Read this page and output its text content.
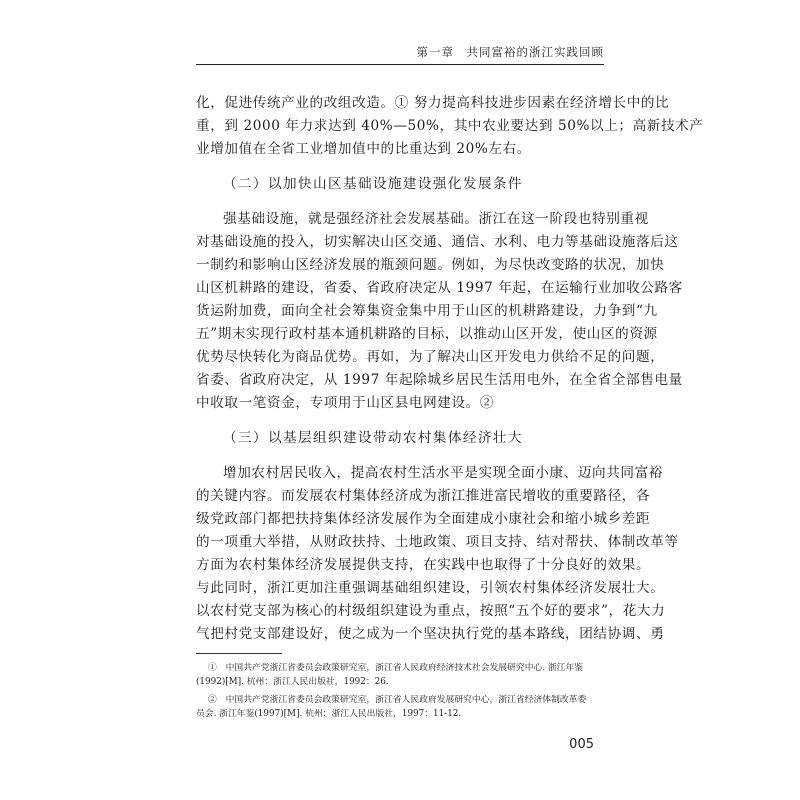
第一章　共同富裕的浙江实践回顾
化，促进传统产业的改组改造。① 努力提高科技进步因素在经济增长中的比
重，到 2000 年力求达到 40%—50%，其中农业要达到 50%以上；高新技术产
业增加值在全省工业增加值中的比重达到 20%左右。
（二）以加快山区基础设施建设强化发展条件
强基础设施，就是强经济社会发展基础。浙江在这一阶段也特别重视
对基础设施的投入，切实解决山区交通、通信、水利、电力等基础设施落后这
一制约和影响山区经济发展的瓶颈问题。例如，为尽快改变路的状况，加快
山区机耕路的建设，省委、省政府决定从 1997 年起，在运输行业加收公路客
货运附加费，面向全社会筹集资金集中用于山区的机耕路建设，力争到“九
五”期末实现行政村基本通机耕路的目标，以推动山区开发，使山区的资源
优势尽快转化为商品优势。再如，为了解决山区开发电力供给不足的问题，
省委、省政府决定，从 1997 年起除城乡居民生活用电外，在全省全部售电量
中收取一笔资金，专项用于山区县电网建设。②
（三）以基层组织建设带动农村集体经济壮大
增加农村居民收入，提高农村生活水平是实现全面小康、迈向共同富裕
的关键内容。而发展农村集体经济成为浙江推进富民增收的重要路径，各
级党政部门都把扶持集体经济发展作为全面建成小康社会和缩小城乡差距
的一项重大举措，从财政扶持、土地政策、项目支持、结对帮扶、体制改革等
方面为农村集体经济发展提供支持，在实践中也取得了十分良好的效果。
与此同时，浙江更加注重强调基础组织建设，引领农村集体经济发展壮大。
以农村党支部为核心的村级组织建设为重点，按照“五个好的要求”，花大力
气把村党支部建设好，使之成为一个坚决执行党的基本路线，团结协调、勇
①　中国共产党浙江省委员会政策研究室，浙江省人民政府经济技术社会发展研究中心. 浙江年鉴
(1992)[M]. 杭州：浙江人民出版社，1992：26.
②　中国共产党浙江省委员会政策研究室，浙江省人民政府发展研究中心，浙江省经济体制改革委
员会. 浙江年鉴(1997)[M]. 杭州：浙江人民出版社，1997：11-12.
005
